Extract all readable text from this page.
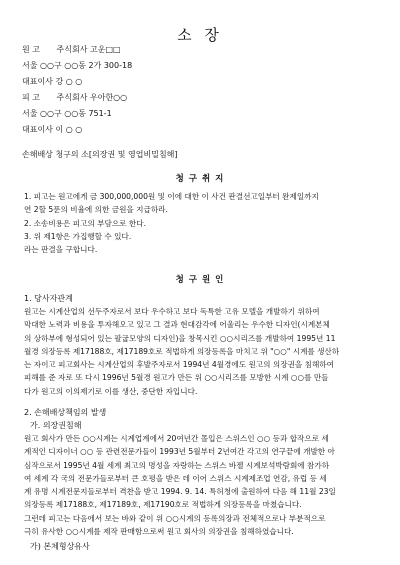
소 장
원 고 주식회사 고운□□
서울 ○○구 ○○동 2가 300-18
대표이사 강 ○ ○
피 고 주식회사 우아한○○
서울 ○○구 ○○동 751-1
대표이사 이 ○ ○
손해배상 청구의 소[의장권 및 영업비밀침해]
청 구 취 지

1. 피고는 원고에게 금 300,000,000원 및 이에 대한 이 사건 판결선고일부터 완제일까지

연 2할 5푼의 비율에 의한 금원을 지급하라.

2. 소송비용은 피고의 부담으로 한다.

3. 위 제1항은 가집행할 수 있다.

라는 판결을 구합니다.

청 구 원 인
1. 당사자관계

원고는 시계산업의 선두주자로서 보다 우수하고 보다 독특한 고유 모델을 개발하기 위하여

막대한 노력과 비용을 투자해오고 있고 그 결과 현대감각에 어울리는 우수한 디자인(시계본체

의 상하부에 형성되어 있는 팔굽모양의 디자인)을 창목시킨 ○○시리즈를 개발하여 1995년 11

월경 의장등록 제17188호, 제17189호로 적법하게 의장등록을 마치고 위 "○○" 시계를 생산하

는 자이고 피고회사는 시계산업의 후발주자로서 1994년 4월경에도 원고의 의장권을 침해하여

피해를 준 자로 또 다시 1996년 5월경 원고가 만든 위 ○○시리즈를 모방한 시계 ○○를 만들

다가 원고의 이의제기로 이를 생산, 중단한 자입니다.

2. 손해배상책임의 발생
가. 의장권침해

원고 회사가 만든 ○○시계는 시계업계에서 20여년간 몰입은 스위스인 ○○ 등과 합작으로 세

계적인 디자이너 ○○ 등 관련전문가들이 1993년 5월부터 2년여간 각고의 연구끝에 개발한 아

심작으로서 1995년 4월 세계 최고의 명성을 자랑하는 스위스 바젤 시계보석박람회에 참가하

여 세계 각 국의 전문가들로부터 큰 호평을 받은 데 이어 스위스 시계제조업 연감, 유럽 등 세

계 유명 시계전문지들로부터 격찬을 받고 1994. 9. 14. 특허청에 출원하여 다음 해 11월 23일

의장등록 제17188호, 제17189호, 제17190호로 적법하게 의장등록을 마쳤습니다.

그런데 피고는 다음에서 보는 바와 같이 위 ○○시계의 등록의장과 전체적으로나 부분적으로

극히 유사한 ○○시계를 제작 판매함으로써 원고 회사의 의장권을 침해하였습니다.

가) 본체형상유사
